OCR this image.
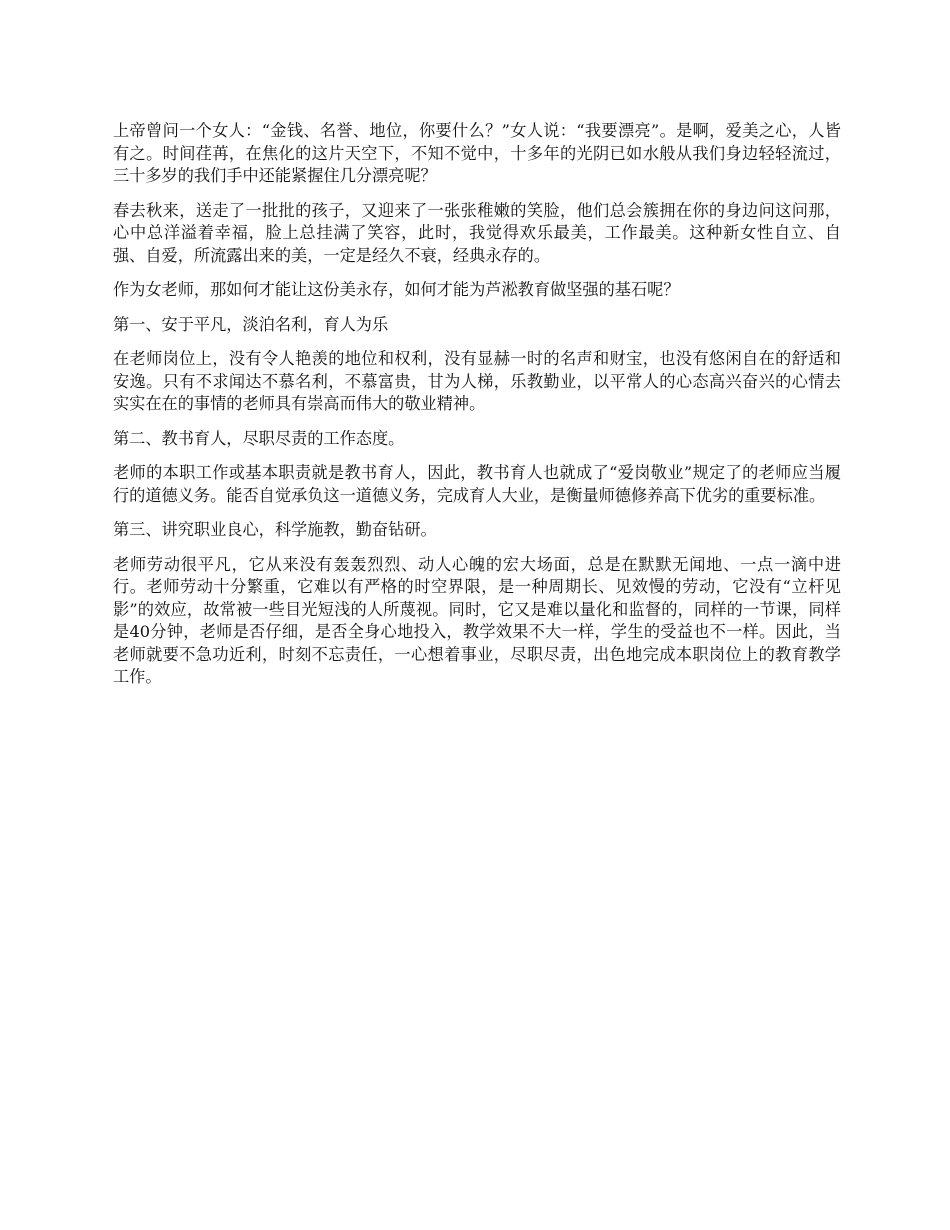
上帝曾问一个女人：“金钱、名誉、地位，你要什么？”女人说：“我要漂亮”。是啊，爱美之心，人皆有之。时间荏苒，在焦化的这片天空下，不知不觉中，十多年的光阴已如水般从我们身边轻轻流过，三十多岁的我们手中还能紧握住几分漂亮呢？

春去秋来，送走了一批批的孩子，又迎来了一张张稚嫩的笑脸，他们总会簇拥在你的身边问这问那，心中总洋溢着幸福，脸上总挂满了笑容，此时，我觉得欢乐最美，工作最美。这种新女性自立、自强、自爱，所流露出来的美，一定是经久不衰，经典永存的。

作为女老师，那如何才能让这份美永存，如何才能为芦淞教育做坚强的基石呢？

第一、安于平凡，淡泊名利，育人为乐

在老师岗位上，没有令人艳羡的地位和权利，没有显赫一时的名声和财宝，也没有悠闲自在的舒适和安逸。只有不求闻达不慕名利，不慕富贵，甘为人梯，乐教勤业，以平常人的心态高兴奋兴的心情去实实在在的事情的老师具有崇高而伟大的敬业精神。

第二、教书育人，尽职尽责的工作态度。

老师的本职工作或基本职责就是教书育人，因此，教书育人也就成了“爱岗敬业”规定了的老师应当履行的道德义务。能否自觉承负这一道德义务，完成育人大业，是衡量师德修养高下优劣的重要标准。

第三、讲究职业良心，科学施教，勤奋钻研。

老师劳动很平凡，它从来没有轰轰烈烈、动人心魄的宏大场面，总是在默默无闻地、一点一滴中进行。老师劳动十分繁重，它难以有严格的时空界限，是一种周期长、见效慢的劳动，它没有“立杆见影”的效应，故常被一些目光短浅的人所蔑视。同时，它又是难以量化和监督的，同样的一节课，同样是40分钟，老师是否仔细，是否全身心地投入，教学效果不大一样，学生的受益也不一样。因此，当老师就要不急功近利，时刻不忘责任，一心想着事业，尽职尽责，出色地完成本职岗位上的教育教学工作。
